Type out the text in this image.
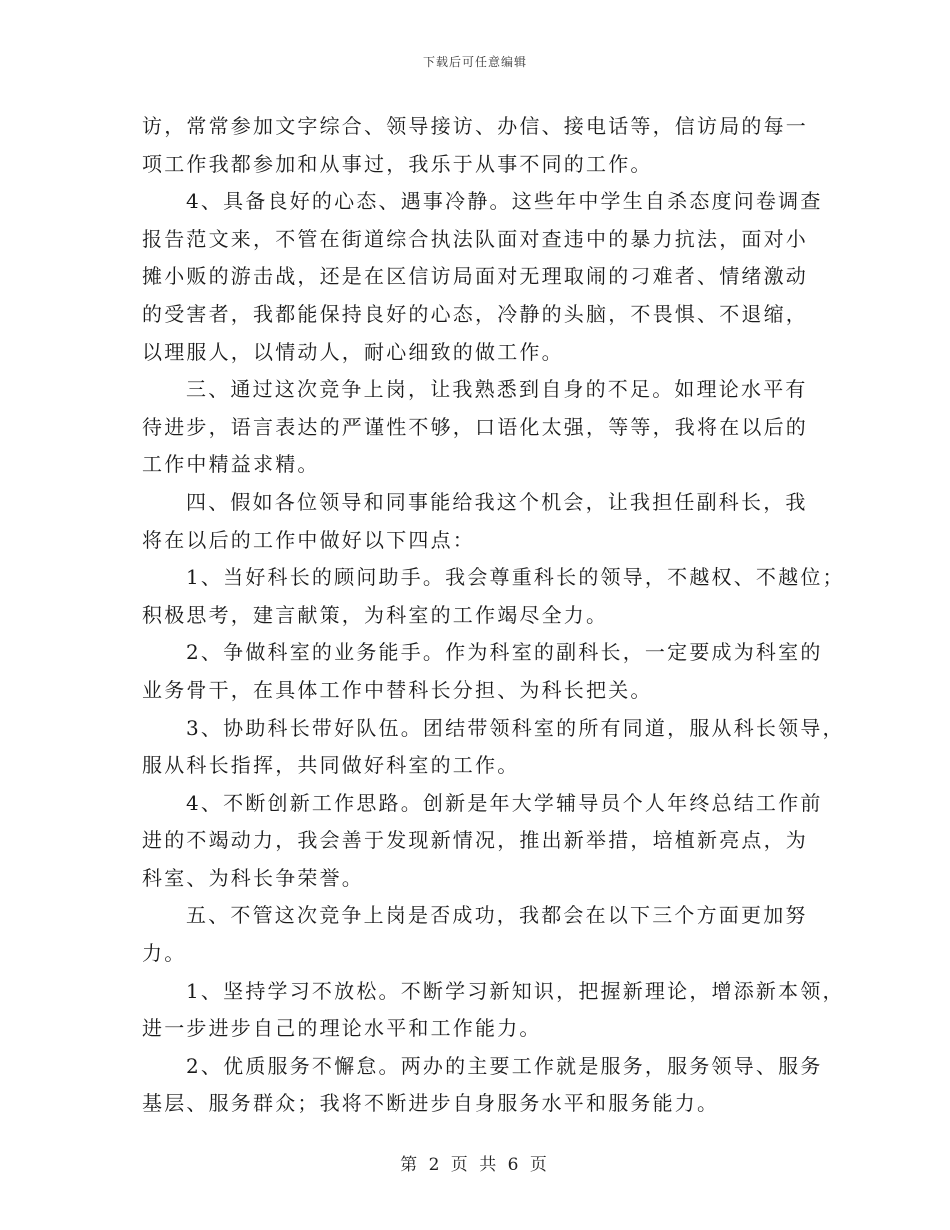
下载后可任意编辑
访，常常参加文字综合、领导接访、办信、接电话等，信访局的每一
项工作我都参加和从事过，我乐于从事不同的工作。
4、具备良好的心态、遇事冷静。这些年中学生自杀态度问卷调查
报告范文来，不管在街道综合执法队面对查违中的暴力抗法，面对小
摊小贩的游击战，还是在区信访局面对无理取闹的刁难者、情绪激动
的受害者，我都能保持良好的心态，冷静的头脑，不畏惧、不退缩，
以理服人，以情动人，耐心细致的做工作。
三、通过这次竞争上岗，让我熟悉到自身的不足。如理论水平有
待进步，语言表达的严谨性不够，口语化太强，等等，我将在以后的
工作中精益求精。
四、假如各位领导和同事能给我这个机会，让我担任副科长，我
将在以后的工作中做好以下四点：
1、当好科长的顾问助手。我会尊重科长的领导，不越权、不越位；
积极思考，建言献策，为科室的工作竭尽全力。
2、争做科室的业务能手。作为科室的副科长，一定要成为科室的
业务骨干，在具体工作中替科长分担、为科长把关。
3、协助科长带好队伍。团结带领科室的所有同道，服从科长领导，
服从科长指挥，共同做好科室的工作。
4、不断创新工作思路。创新是年大学辅导员个人年终总结工作前
进的不竭动力，我会善于发现新情况，推出新举措，培植新亮点，为
科室、为科长争荣誉。
五、不管这次竞争上岗是否成功，我都会在以下三个方面更加努
力。
1、坚持学习不放松。不断学习新知识，把握新理论，增添新本领，
进一步进步自己的理论水平和工作能力。
2、优质服务不懈怠。两办的主要工作就是服务，服务领导、服务
基层、服务群众；我将不断进步自身服务水平和服务能力。
第 2 页 共 6 页
